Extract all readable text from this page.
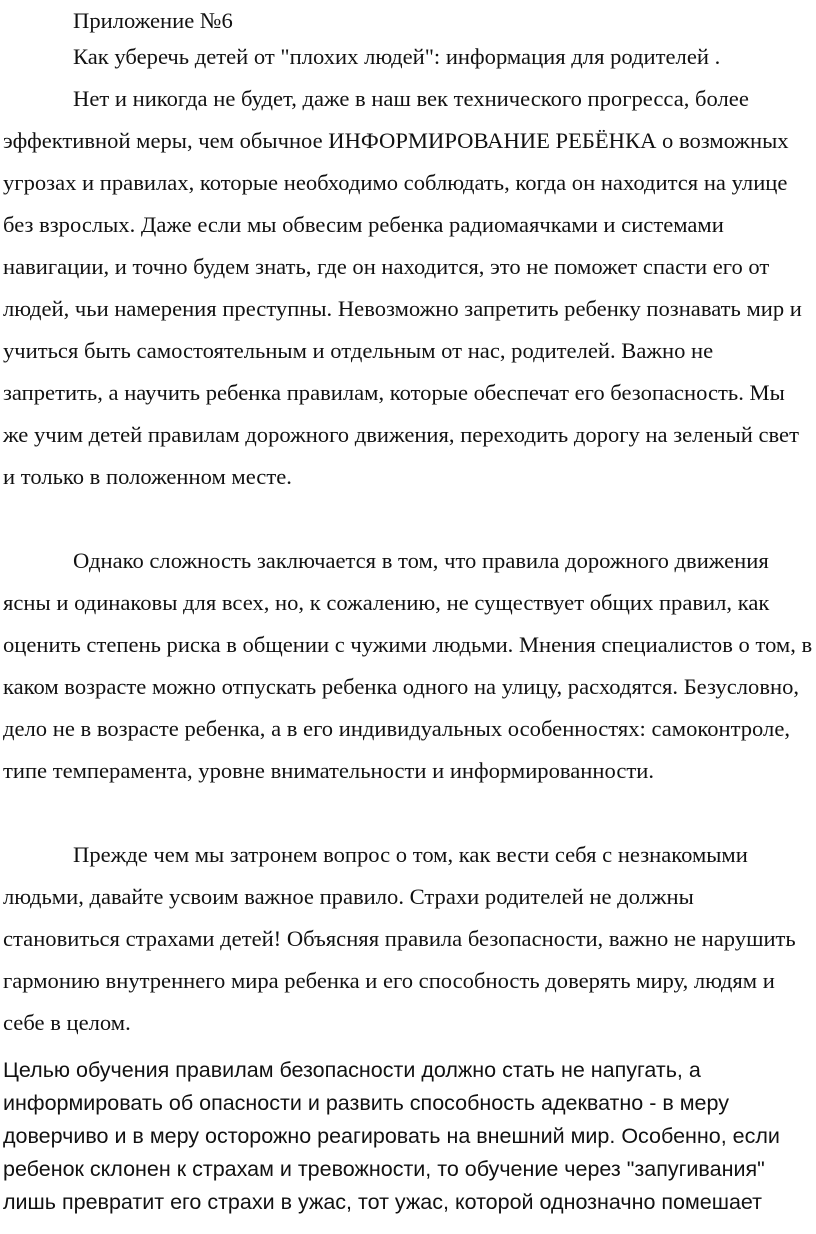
Приложение №6

Как уберечь детей от "плохих людей": информация для родителей .

Нет и никогда не будет, даже в наш век технического прогресса, более эффективной меры, чем обычное ИНФОРМИРОВАНИЕ РЕБЁНКА о возможных угрозах и правилах, которые необходимо соблюдать, когда он находится на улице без взрослых. Даже если мы обвесим ребенка радиомаячками и системами навигации, и точно будем знать, где он находится, это не поможет спасти его от людей, чьи намерения преступны. Невозможно запретить ребенку познавать мир и учиться быть самостоятельным и отдельным от нас, родителей. Важно не запретить, а научить ребенка правилам, которые обеспечат его безопасность. Мы же учим детей правилам дорожного движения, переходить дорогу на зеленый свет и только в положенном месте.

Однако сложность заключается в том, что правила дорожного движения ясны и одинаковы для всех, но, к сожалению, не существует общих правил, как оценить степень риска в общении с чужими людьми. Мнения специалистов о том, в каком возрасте можно отпускать ребенка одного на улицу, расходятся. Безусловно, дело не в возрасте ребенка, а в его индивидуальных особенностях: самоконтроле, типе темперамента, уровне внимательности и информированности.

Прежде чем мы затронем вопрос о том, как вести себя с незнакомыми людьми, давайте усвоим важное правило. Страхи родителей не должны становиться страхами детей! Объясняя правила безопасности, важно не нарушить гармонию внутреннего мира ребенка и его способность доверять миру, людям и себе в целом.

Целью обучения правилам безопасности должно стать не напугать, а информировать об опасности и развить способность адекватно - в меру доверчиво и в меру осторожно реагировать на внешний мир. Особенно, если ребенок склонен к страхам и тревожности, то обучение через "запугивания" лишь превратит его страхи в ужас, тот ужас, которой однозначно помешает
